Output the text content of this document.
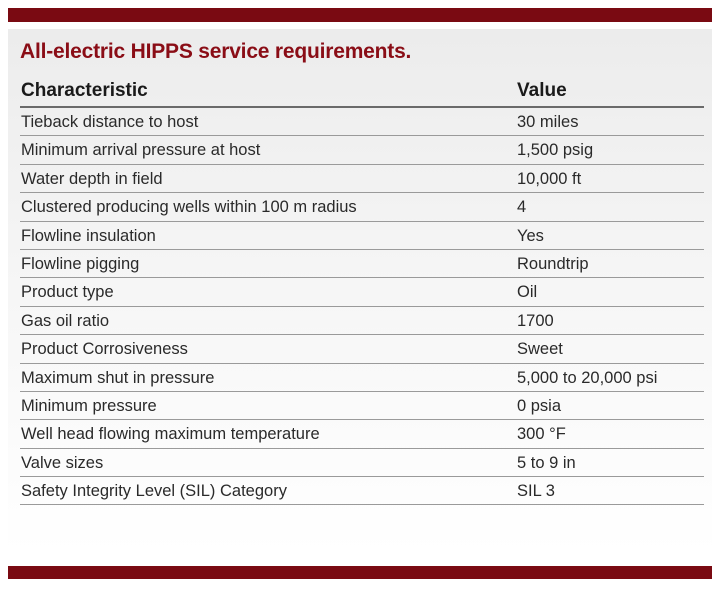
All-electric HIPPS service requirements.
Characteristic	Value
Tieback distance to host	30 miles
Minimum arrival pressure at host	1,500 psig
Water depth in field	10,000 ft
Clustered producing wells within 100 m radius	4
Flowline insulation	Yes
Flowline pigging	Roundtrip
Product type	Oil
Gas oil ratio	1700
Product Corrosiveness	Sweet
Maximum shut in pressure	5,000 to 20,000 psi
Minimum pressure	0 psia
Well head flowing maximum temperature	300 °F
Valve sizes	5 to 9 in
Safety Integrity Level (SIL) Category	SIL 3
